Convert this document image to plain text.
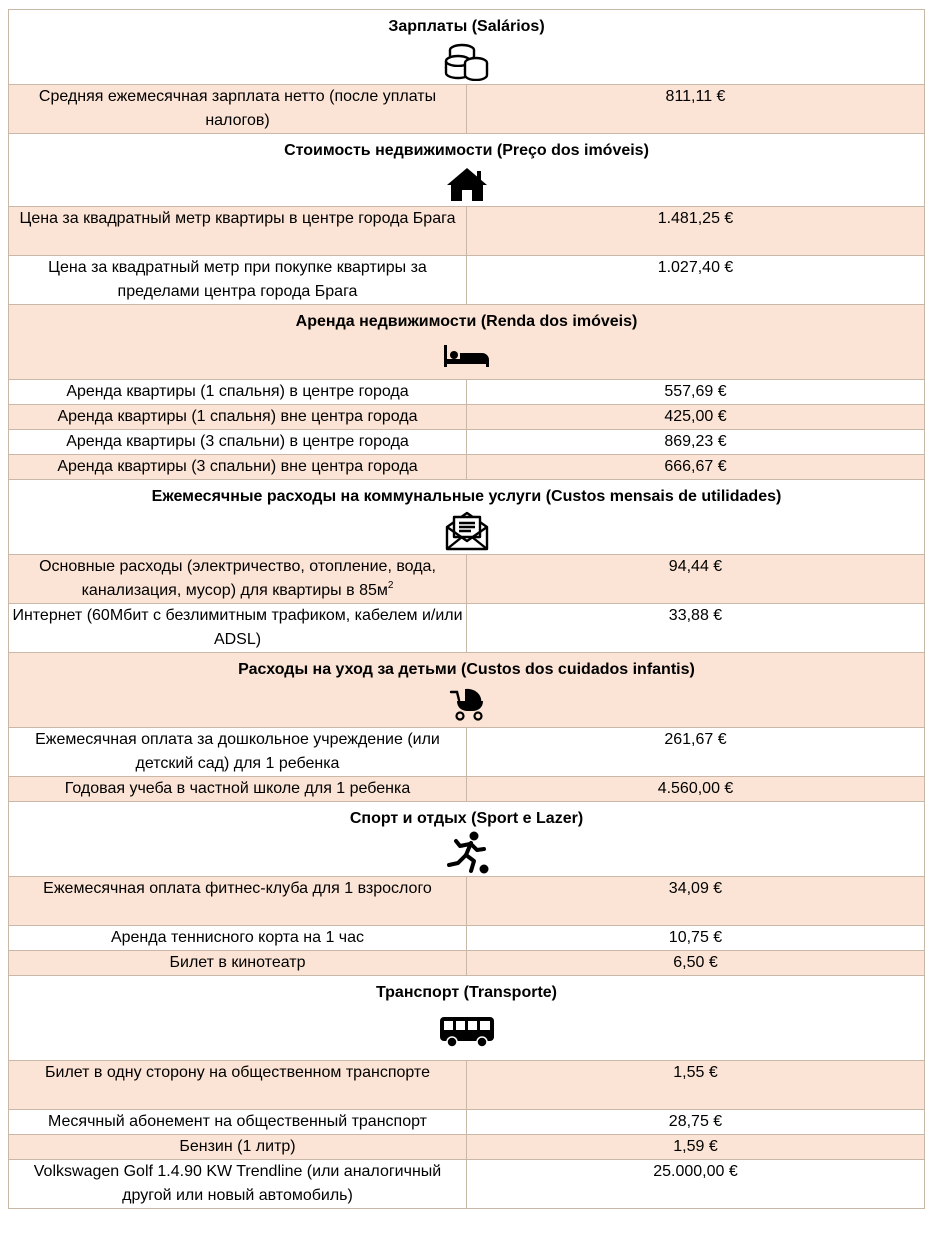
Зарплаты (Salários)	

Средняя ежемесячная зарплата нетто (после уплаты налогов)	811,11 €

Стоимость недвижимости (Preço dos imóveis)	

Цена за квадратный метр квартиры в центре города Брага	1.481,25 €
Цена за квадратный метр при покупке квартиры за пределами центра города Брага	1.027,40 €

Аренда недвижимости (Renda dos imóveis)	

Аренда квартиры (1 спальня) в центре города	557,69 €
Аренда квартиры (1 спальня) вне центра города	425,00 €
Аренда квартиры (3 спальни) в центре города	869,23 €
Аренда квартиры (3 спальни) вне центра города	666,67 €

Ежемесячные расходы на коммунальные услуги (Custos mensais de utilidades)	

Основные расходы (электричество, отопление, вода, канализация, мусор) для квартиры в $85м^2$	94,44 €
Интернет (60Мбит с безлимитным трафиком, кабелем и/или ADSL)	33,88 €

Расходы на уход за детьми (Custos dos cuidados infantis)	

Ежемесячная оплата за дошкольное учреждение (или детский сад) для 1 ребенка	261,67 €
Годовая учеба в частной школе для 1 ребенка	4.560,00 €

Спорт и отдых (Sport e Lazer)	

Ежемесячная оплата фитнес-клуба для 1 взрослого	34,09 €
Аренда теннисного корта на 1 час	10,75 €
Билет в кинотеатр	6,50 €

Транспорт (Transporte)	

Билет в одну сторону на общественном транспорте	1,55 €
Месячный абонемент на общественный транспорт	28,75 €
Бензин (1 литр)	1,59 €
Volkswagen Golf 1.4.90 KW Trendline (или аналогичный другой или новый автомобиль)	25.000,00 €
